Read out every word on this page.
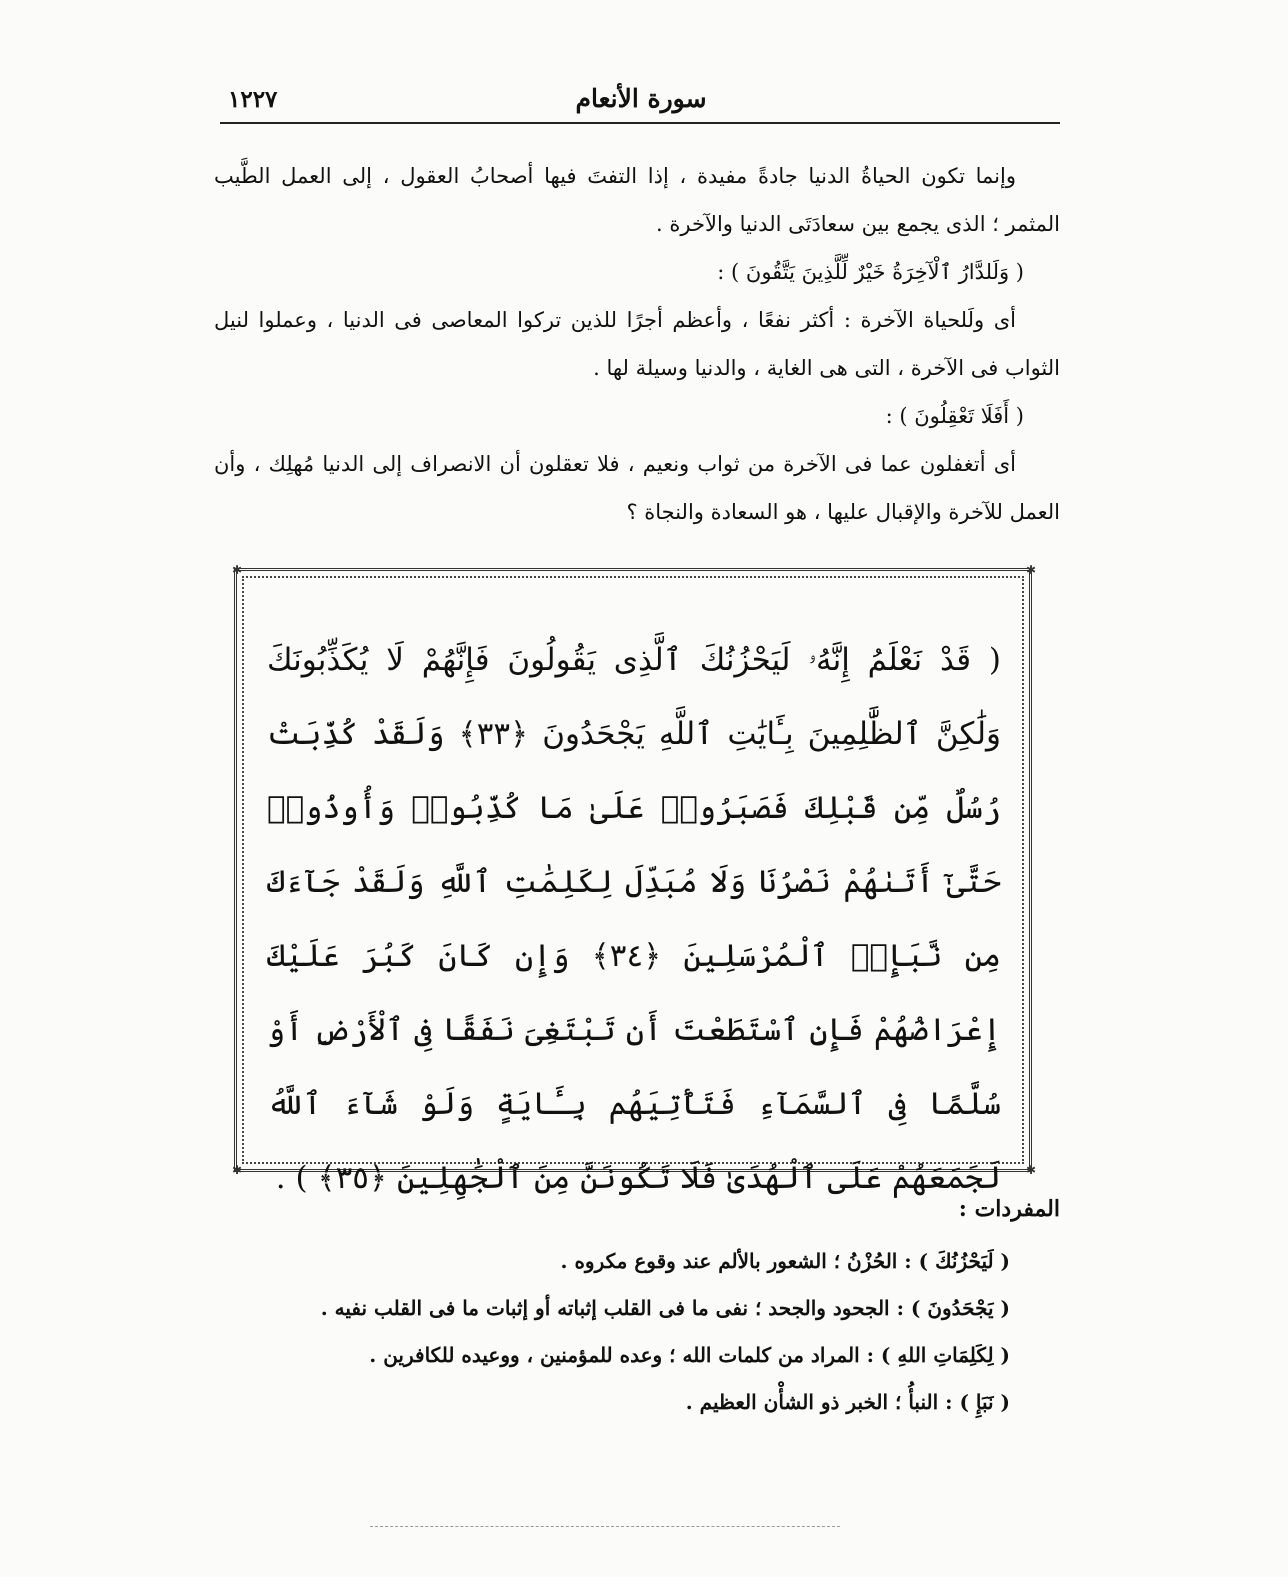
سورة الأنعام
١٢٢٧

وإنما تكون الحياةُ الدنيا جادةً مفيدة ، إذا التفتَ فيها أصحابُ العقول ، إلى العمل الطَّيب المثمر ؛ الذى يجمع بين سعادَتَى الدنيا والآخرة .

( وَلَلدَّارُ ٱلْآخِرَةُ خَيْرٌ لِّلَّذِينَ يَتَّقُونَ ) :

أى ولَلحياة الآخرة : أكثر نفعًا ، وأعظم أجرًا للذين تركوا المعاصى فى الدنيا ، وعملوا لنيل الثواب فى الآخرة ، التى هى الغاية ، والدنيا وسيلة لها .

( أَفَلَا تَعْقِلُونَ ) :

أى أتغفلون عما فى الآخرة من ثواب ونعيم ، فلا تعقلون أن الانصراف إلى الدنيا مُهلِك ، وأن العمل للآخرة والإقبال عليها ، هو السعادة والنجاة ؟

✱	✱
✱	✱

( قَدْ نَعْلَمُ إِنَّهُۥ لَيَحْزُنُكَ ٱلَّذِى يَقُولُونَ فَإِنَّهُمْ لَا يُكَذِّبُونَكَ وَلَٰكِنَّ ٱلظَّٰلِمِينَ بِـَٔايَٰتِ ٱللَّهِ يَجْحَدُونَ ﴿٣٣﴾ وَلَقَدْ كُذِّبَتْ رُسُلٌ مِّن قَبْلِكَ فَصَبَرُوا۟ عَلَىٰ مَا كُذِّبُوا۟ وَأُوذُوا۟ حَتَّىٰٓ أَتَىٰهُمْ نَصْرُنَا وَلَا مُبَدِّلَ لِكَلِمَٰتِ ٱللَّهِ وَلَقَدْ جَآءَكَ مِن نَّبَإِى۟ ٱلْمُرْسَلِينَ ﴿٣٤﴾ وَإِن كَانَ كَبُرَ عَلَيْكَ إِعْرَاضُهُمْ فَإِنِ ٱسْتَطَعْتَ أَن تَبْتَغِىَ نَفَقًا فِى ٱلْأَرْضِ أَوْ سُلَّمًا فِى ٱلسَّمَآءِ فَتَأْتِيَهُم بِـَٔايَةٍ وَلَوْ شَآءَ ٱللَّهُ لَجَمَعَهُمْ عَلَى ٱلْهُدَىٰ فَلَا تَكُونَنَّ مِنَ ٱلْجَٰهِلِينَ ﴿٣٥﴾ ) .

المفردات :

( لَيَحْزُنُكَ ) : الحُزْنُ ؛ الشعور بالألم عند وقوع مكروه .

( يَجْحَدُونَ ) : الجحود والجحد ؛ نفى ما فى القلب إثباته أو إثبات ما فى القلب نفيه .

( لِكَلِمَاتِ اللهِ ) : المراد من كلمات الله ؛ وعده للمؤمنين ، ووعيده للكافرين .

( نَبَإِ ) : النبأُ ؛ الخبر ذو الشأْن العظيم .
